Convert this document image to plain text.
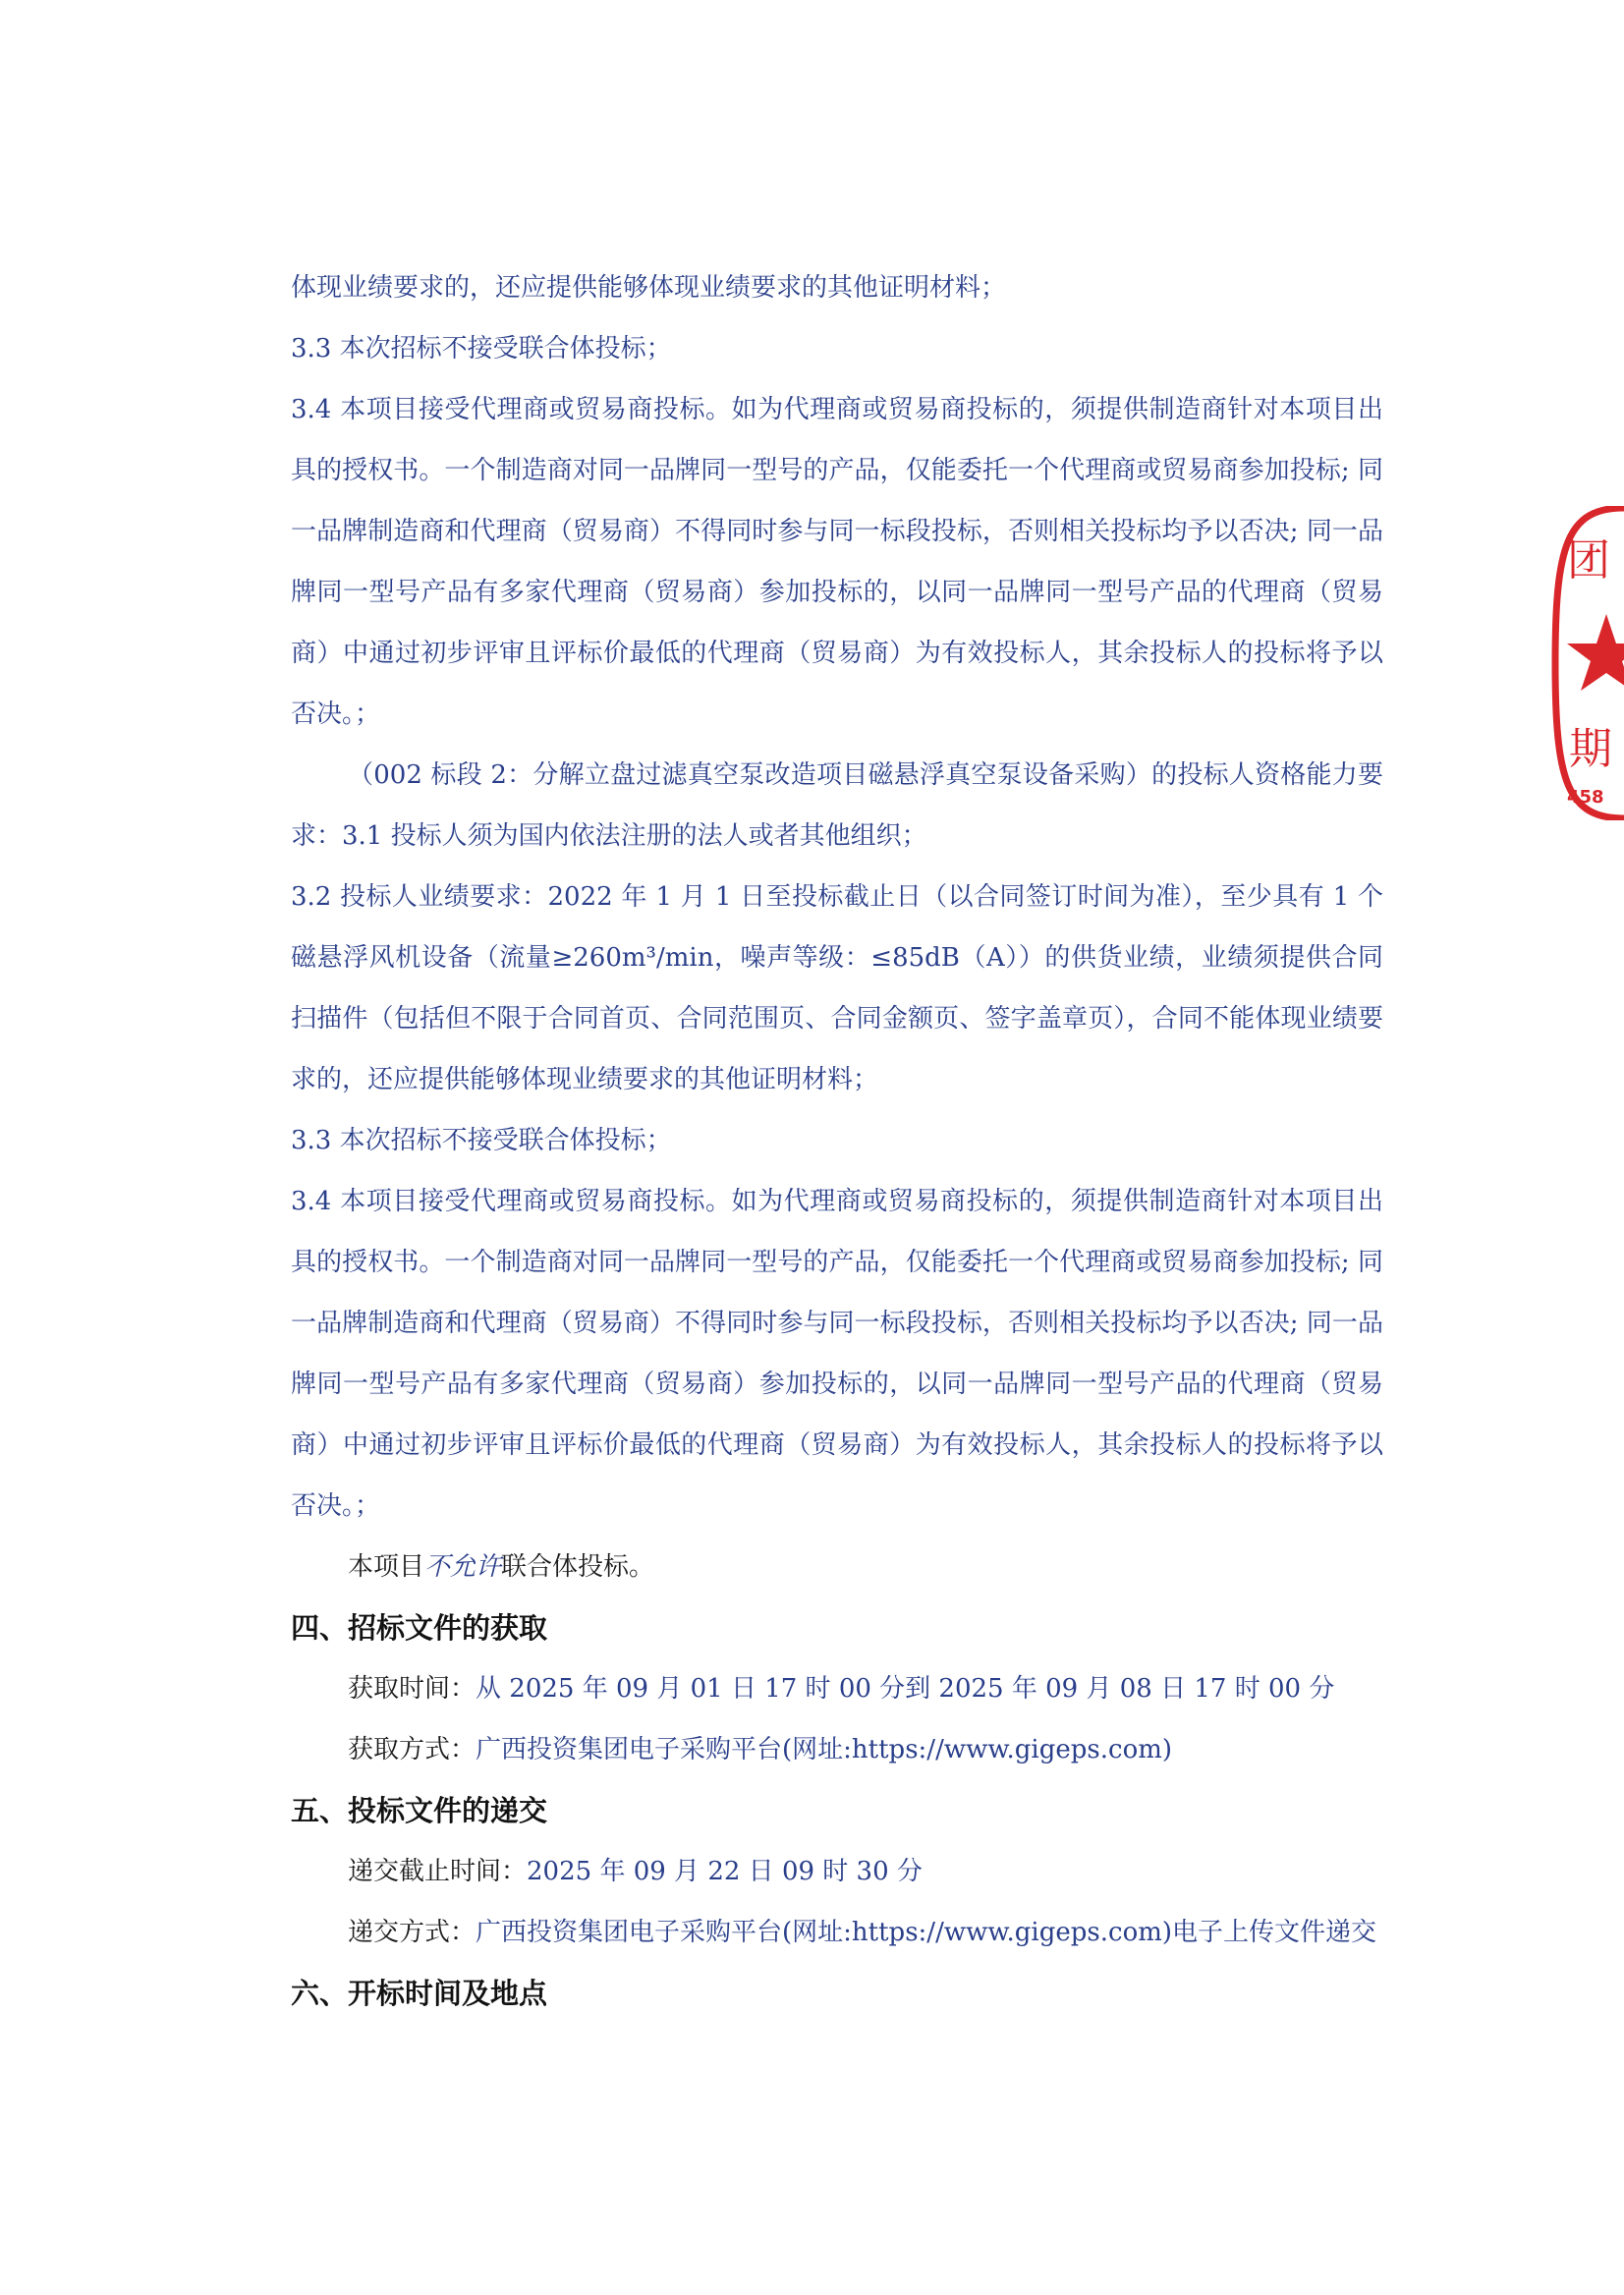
体现业绩要求的，还应提供能够体现业绩要求的其他证明材料；

3.3 本次招标不接受联合体投标；

3.4 本项目接受代理商或贸易商投标。如为代理商或贸易商投标的，须提供制造商针对本项目出具的授权书。一个制造商对同一品牌同一型号的产品，仅能委托一个代理商或贸易商参加投标; 同一品牌制造商和代理商（贸易商）不得同时参与同一标段投标，否则相关投标均予以否决; 同一品牌同一型号产品有多家代理商（贸易商）参加投标的，以同一品牌同一型号产品的代理商（贸易商）中通过初步评审且评标价最低的代理商（贸易商）为有效投标人，其余投标人的投标将予以否决。；

（002 标段 2：分解立盘过滤真空泵改造项目磁悬浮真空泵设备采购）的投标人资格能力要求：3.1 投标人须为国内依法注册的法人或者其他组织；

3.2 投标人业绩要求：2022 年 1 月 1 日至投标截止日（以合同签订时间为准），至少具有 1 个磁悬浮风机设备（流量≥260m³/min，噪声等级：≤85dB（A））的供货业绩，业绩须提供合同扫描件（包括但不限于合同首页、合同范围页、合同金额页、签字盖章页），合同不能体现业绩要求的，还应提供能够体现业绩要求的其他证明材料；

3.3 本次招标不接受联合体投标；

3.4 本项目接受代理商或贸易商投标。如为代理商或贸易商投标的，须提供制造商针对本项目出具的授权书。一个制造商对同一品牌同一型号的产品，仅能委托一个代理商或贸易商参加投标; 同一品牌制造商和代理商（贸易商）不得同时参与同一标段投标，否则相关投标均予以否决; 同一品牌同一型号产品有多家代理商（贸易商）参加投标的，以同一品牌同一型号产品的代理商（贸易商）中通过初步评审且评标价最低的代理商（贸易商）为有效投标人，其余投标人的投标将予以否决。；

本项目不允许联合体投标。

四、招标文件的获取

获取时间：从 2025 年 09 月 01 日 17 时 00 分到 2025 年 09 月 08 日 17 时 00 分

获取方式：广西投资集团电子采购平台(网址:https://www.gigeps.com)

五、投标文件的递交

递交截止时间：2025 年 09 月 22 日 09 时 30 分

递交方式：广西投资集团电子采购平台(网址:https://www.gigeps.com)电子上传文件递交

六、开标时间及地点

团
期
458
